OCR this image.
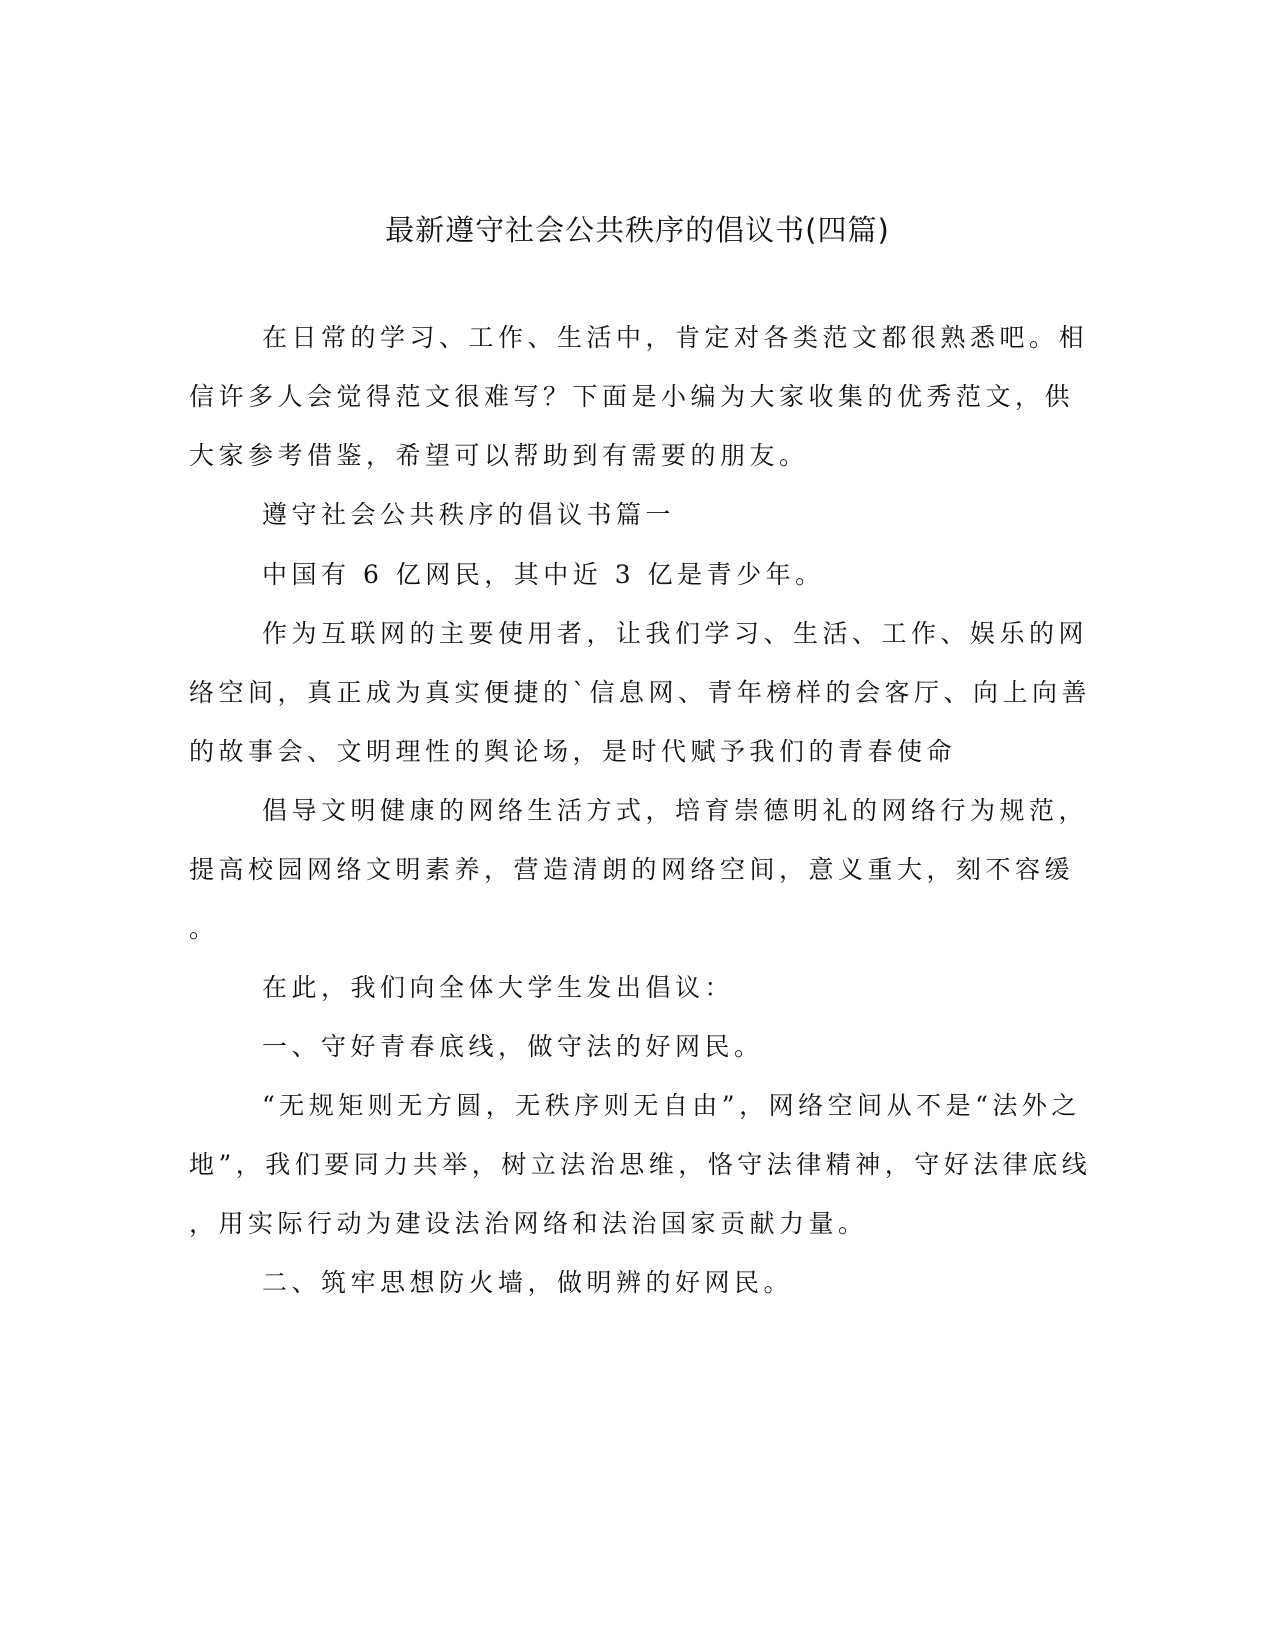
最新遵守社会公共秩序的倡议书(四篇)
在日常的学习、工作、生活中，肯定对各类范文都很熟悉吧。相
信许多人会觉得范文很难写？下面是小编为大家收集的优秀范文，供
大家参考借鉴，希望可以帮助到有需要的朋友。
遵守社会公共秩序的倡议书篇一
中国有 6 亿网民，其中近 3 亿是青少年。
作为互联网的主要使用者，让我们学习、生活、工作、娱乐的网
络空间，真正成为真实便捷的`信息网、青年榜样的会客厅、向上向善
的故事会、文明理性的舆论场，是时代赋予我们的青春使命
倡导文明健康的网络生活方式，培育崇德明礼的网络行为规范，
提高校园网络文明素养，营造清朗的网络空间，意义重大，刻不容缓
。
在此，我们向全体大学生发出倡议：
一、守好青春底线，做守法的好网民。
“无规矩则无方圆，无秩序则无自由”，网络空间从不是“法外之
地”，我们要同力共举，树立法治思维，恪守法律精神，守好法律底线
，用实际行动为建设法治网络和法治国家贡献力量。
二、筑牢思想防火墙，做明辨的好网民。
